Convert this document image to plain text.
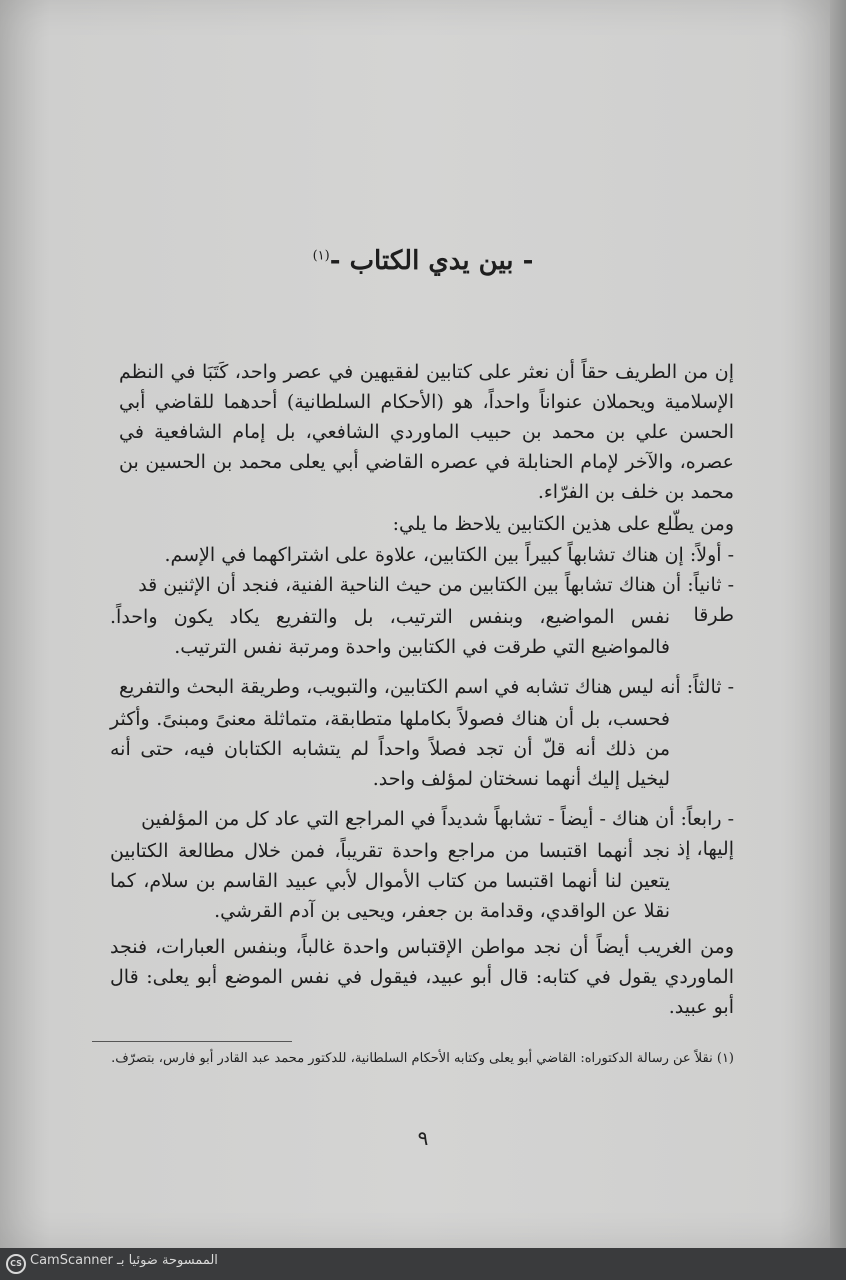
- بين يدي الكتاب -$^{(١)}$
إن من الطريف حقاً أن نعثر على كتابين لفقيهين في عصر واحد، كَتَبَا في النظم الإسلامية ويحملان عنواناً واحداً، هو (الأحكام السلطانية) أحدهما للقاضي أبي الحسن علي بن محمد بن حبيب الماوردي الشافعي، بل إمام الشافعية في عصره، والآخر لإمام الحنابلة في عصره القاضي أبي يعلى محمد بن الحسين بن محمد بن خلف بن الفرّاء.
ومن يطّلع على هذين الكتابين يلاحظ ما يلي:
- أولاً: إن هناك تشابهاً كبيراً بين الكتابين، علاوة على اشتراكهما في الإسم.
- ثانياً: أن هناك تشابهاً بين الكتابين من حيث الناحية الفنية، فنجد أن الإثنين قد طرقا
نفس المواضيع، وبنفس الترتيب، بل والتفريع يكاد يكون واحداً. فالمواضيع التي طرقت في الكتابين واحدة ومرتبة نفس الترتيب.
- ثالثاً: أنه ليس هناك تشابه في اسم الكتابين، والتبويب، وطريقة البحث والتفريع
فحسب، بل أن هناك فصولاً بكاملها متطابقة، متماثلة معنىً ومبنىً. وأكثر من ذلك أنه قلّ أن تجد فصلاً واحداً لم يتشابه الكتابان فيه، حتى أنه ليخيل إليك أنهما نسختان لمؤلف واحد.
- رابعاً: أن هناك - أيضاً - تشابهاً شديداً في المراجع التي عاد كل من المؤلفين إليها، إذ
نجد أنهما اقتبسا من مراجع واحدة تقريباً، فمن خلال مطالعة الكتابين يتعين لنا أنهما اقتبسا من كتاب الأموال لأبي عبيد القاسم بن سلام، كما نقلا عن الواقدي، وقدامة بن جعفر، ويحيى بن آدم القرشي.
ومن الغريب أيضاً أن نجد مواطن الإقتباس واحدة غالباً، وبنفس العبارات، فنجد الماوردي يقول في كتابه: قال أبو عبيد، فيقول في نفس الموضع أبو يعلى: قال أبو عبيد.
(١) نقلاً عن رسالة الدكتوراه: القاضي أبو يعلى وكتابه الأحكام السلطانية، للدكتور محمد عبد القادر أبو فارس، بتصرّف.
٩
CS CamScanner الممسوحة ضوئيا بـ
